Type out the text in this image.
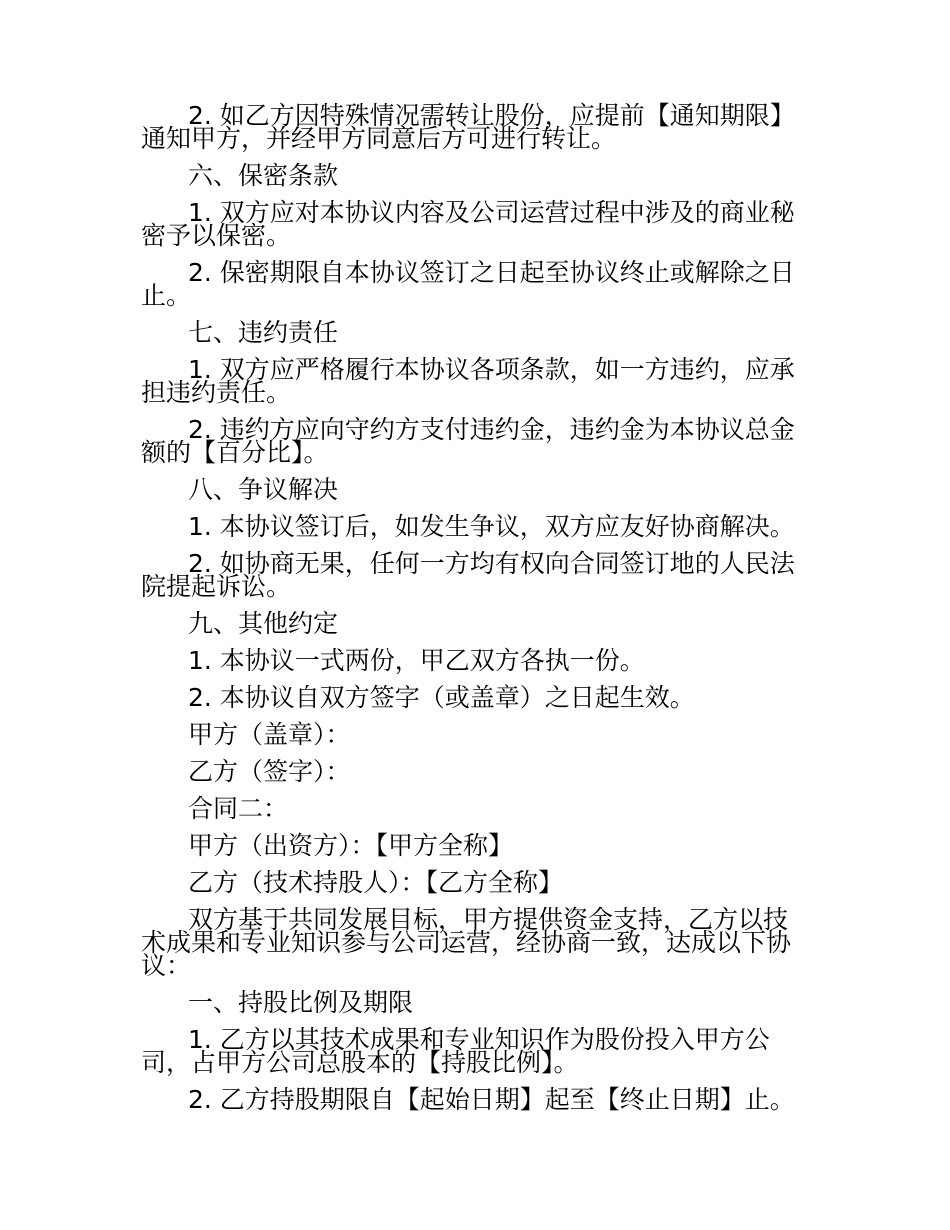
2. 如乙方因特殊情况需转让股份，应提前【通知期限】通知甲方，并经甲方同意后方可进行转让。

六、保密条款

1. 双方应对本协议内容及公司运营过程中涉及的商业秘密予以保密。

2. 保密期限自本协议签订之日起至协议终止或解除之日止。

七、违约责任

1. 双方应严格履行本协议各项条款，如一方违约，应承担违约责任。

2. 违约方应向守约方支付违约金，违约金为本协议总金额的【百分比】。

八、争议解决

1. 本协议签订后，如发生争议，双方应友好协商解决。

2. 如协商无果，任何一方均有权向合同签订地的人民法院提起诉讼。

九、其他约定

1. 本协议一式两份，甲乙双方各执一份。

2. 本协议自双方签字（或盖章）之日起生效。

甲方（盖章）：

乙方（签字）：

合同二：

甲方（出资方）：【甲方全称】

乙方（技术持股人）：【乙方全称】

双方基于共同发展目标，甲方提供资金支持，乙方以技术成果和专业知识参与公司运营，经协商一致，达成以下协议：

一、持股比例及期限

1. 乙方以其技术成果和专业知识作为股份投入甲方公司，占甲方公司总股本的【持股比例】。

2. 乙方持股期限自【起始日期】起至【终止日期】止。
